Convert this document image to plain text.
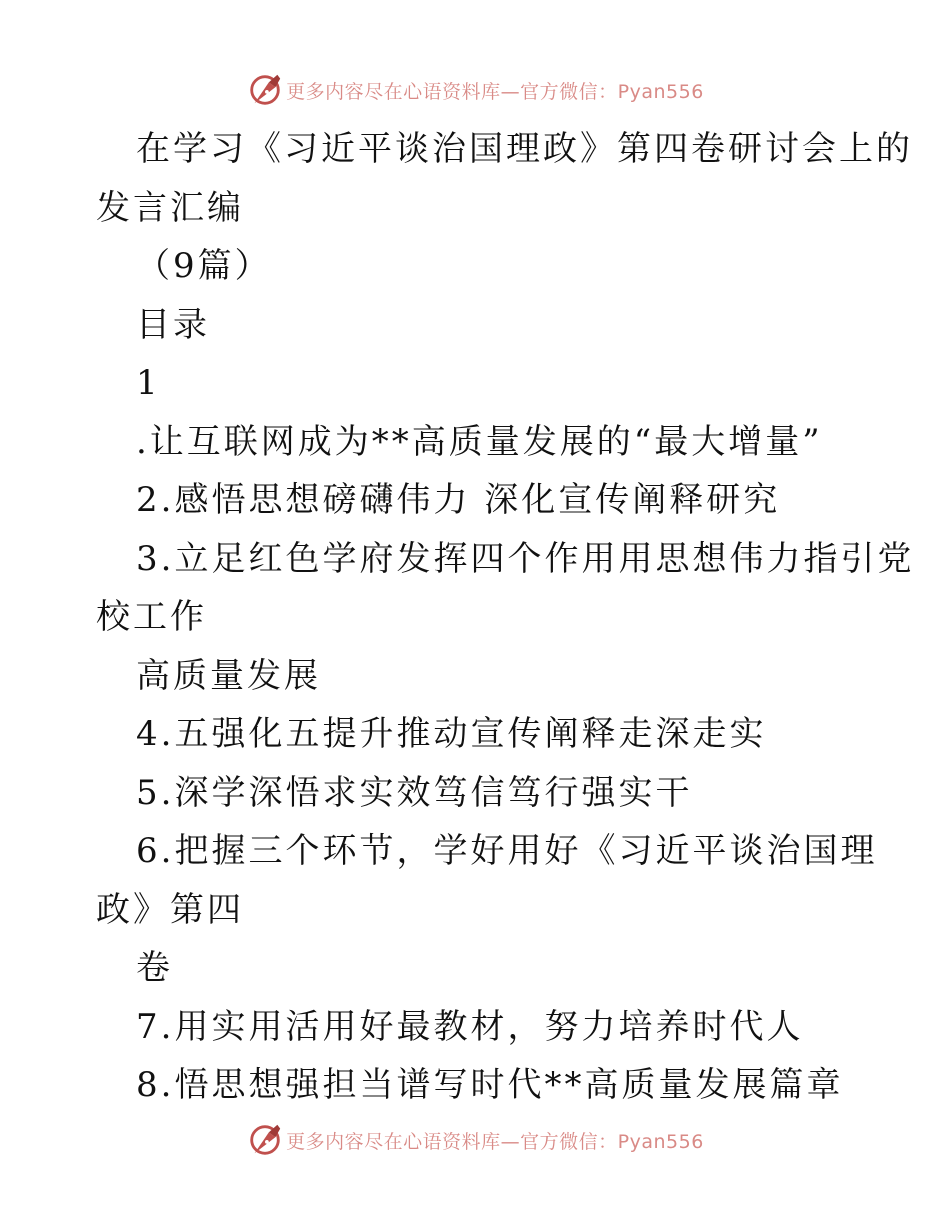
更多内容尽在心语资料库—官方微信：Pyan556

在学习《习近平谈治国理政》第四卷研讨会上的

发言汇编

（9篇）

目录

1

.让互联网成为**高质量发展的“最大增量”

2.感悟思想磅礴伟力 深化宣传阐释研究

3.立足红色学府发挥四个作用用思想伟力指引党

校工作

高质量发展

4.五强化五提升推动宣传阐释走深走实

5.深学深悟求实效笃信笃行强实干

6.把握三个环节，学好用好《习近平谈治国理

政》第四

卷

7.用实用活用好最教材，努力培养时代人

8.悟思想强担当谱写时代**高质量发展篇章

更多内容尽在心语资料库—官方微信：Pyan556
